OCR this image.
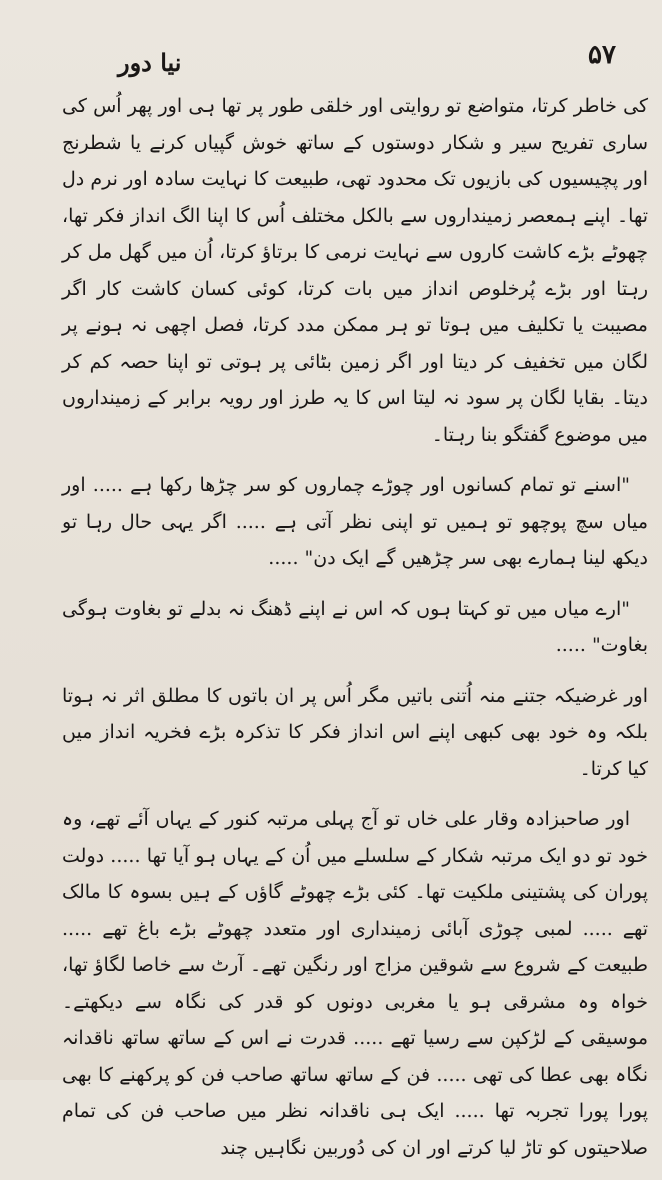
۵۷
نیا دور

کی خاطر کرتا، متواضع تو روایتی اور خلقی طور پر تھا ہی اور پھر اُس کی ساری تفریح سیر و شکار دوستوں کے ساتھ خوش گپیاں کرنے یا شطرنج اور پچیسیوں کی بازیوں تک محدود تھی، طبیعت کا نہایت سادہ اور نرم دل تھا۔ اپنے ہمعصر زمینداروں سے بالکل مختلف اُس کا اپنا الگ انداز فکر تھا، چھوٹے بڑے کاشت کاروں سے نہایت نرمی کا برتاؤ کرتا، اُن میں گھل مل کر رہتا اور بڑے پُرخلوص انداز میں بات کرتا، کوئی کسان کاشت کار اگر مصیبت یا تکلیف میں ہوتا تو ہر ممکن مدد کرتا، فصل اچھی نہ ہونے پر لگان میں تخفیف کر دیتا اور اگر زمین بٹائی پر ہوتی تو اپنا حصہ کم کر دیتا۔ بقایا لگان پر سود نہ لیتا اس کا یہ طرز اور رویہ برابر کے زمینداروں میں موضوع گفتگو بنا رہتا۔

"اسنے تو تمام کسانوں اور چوڑے چماروں کو سر چڑھا رکھا ہے ..... اور میاں سچ پوچھو تو ہمیں تو اپنی نظر آتی ہے ..... اگر یہی حال رہا تو دیکھ لینا ہمارے بھی سر چڑھیں گے ایک دن" .....

"ارے میاں میں تو کہتا ہوں کہ اس نے اپنے ڈھنگ نہ بدلے تو بغاوت ہوگی بغاوت" .....

اور غرضیکہ جتنے منہ اُتنی باتیں مگر اُس پر ان باتوں کا مطلق اثر نہ ہوتا بلکہ وہ خود بھی کبھی اپنے اس انداز فکر کا تذکرہ بڑے فخریہ انداز میں کیا کرتا۔

اور صاحبزادہ وقار علی خاں تو آج پہلی مرتبہ کنور کے یہاں آئے تھے، وہ خود تو دو ایک مرتبہ شکار کے سلسلے میں اُن کے یہاں ہو آیا تھا ..... دولت پوران کی پشتینی ملکیت تھا۔ کئی بڑے چھوٹے گاؤں کے ہیں بسوہ کا مالک تھے ..... لمبی چوڑی آبائی زمینداری اور متعدد چھوٹے بڑے باغ تھے ..... طبیعت کے شروع سے شوقین مزاج اور رنگین تھے۔ آرٹ سے خاصا لگاؤ تھا، خواہ وہ مشرقی ہو یا مغربی دونوں کو قدر کی نگاہ سے دیکھتے۔ موسیقی کے لڑکپن سے رسیا تھے ..... قدرت نے اس کے ساتھ ساتھ ناقدانہ نگاہ بھی عطا کی تھی ..... فن کے ساتھ ساتھ صاحب فن کو پرکھنے کا بھی پورا پورا تجربہ تھا ..... ایک ہی ناقدانہ نظر میں صاحب فن کی تمام صلاحیتوں کو تاڑ لیا کرتے اور ان کی دُوربین نگاہیں چند
